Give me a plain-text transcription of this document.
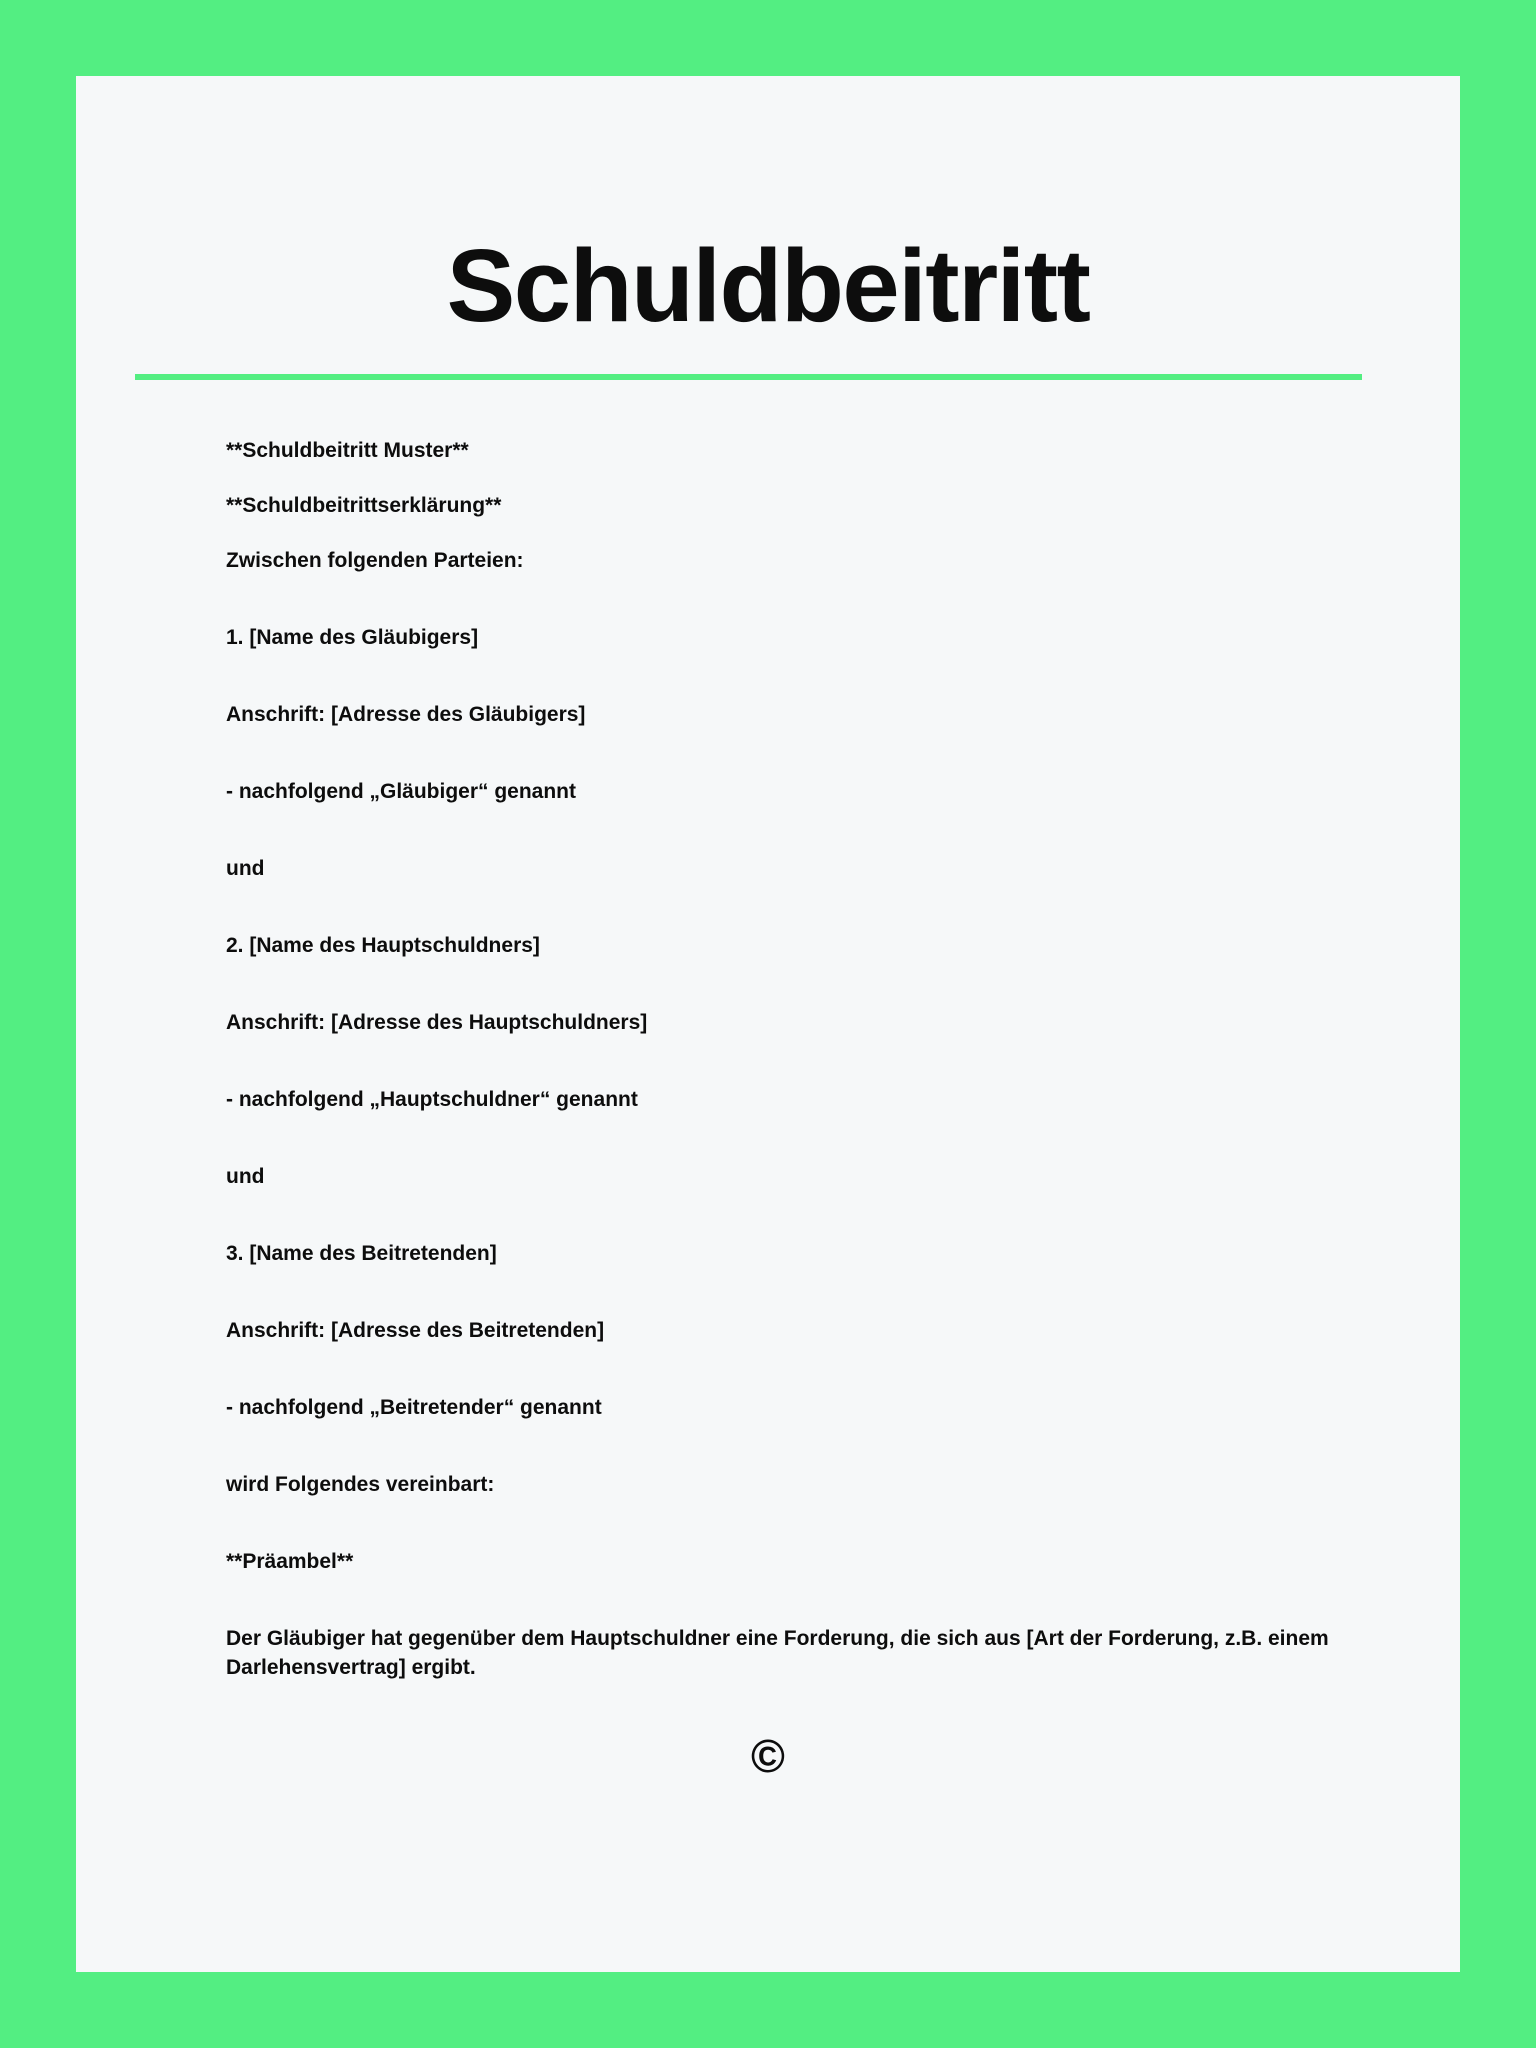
Schuldbeitritt

**Schuldbeitritt Muster**

**Schuldbeitrittserklärung**

Zwischen folgenden Parteien:

1. [Name des Gläubigers]

Anschrift: [Adresse des Gläubigers]

- nachfolgend „Gläubiger“ genannt

und

2. [Name des Hauptschuldners]

Anschrift: [Adresse des Hauptschuldners]

- nachfolgend „Hauptschuldner“ genannt

und

3. [Name des Beitretenden]

Anschrift: [Adresse des Beitretenden]

- nachfolgend „Beitretender“ genannt

wird Folgendes vereinbart:

**Präambel**

Der Gläubiger hat gegenüber dem Hauptschuldner eine Forderung, die sich aus [Art der Forderung, z.B. einem Darlehensvertrag] ergibt.

©
